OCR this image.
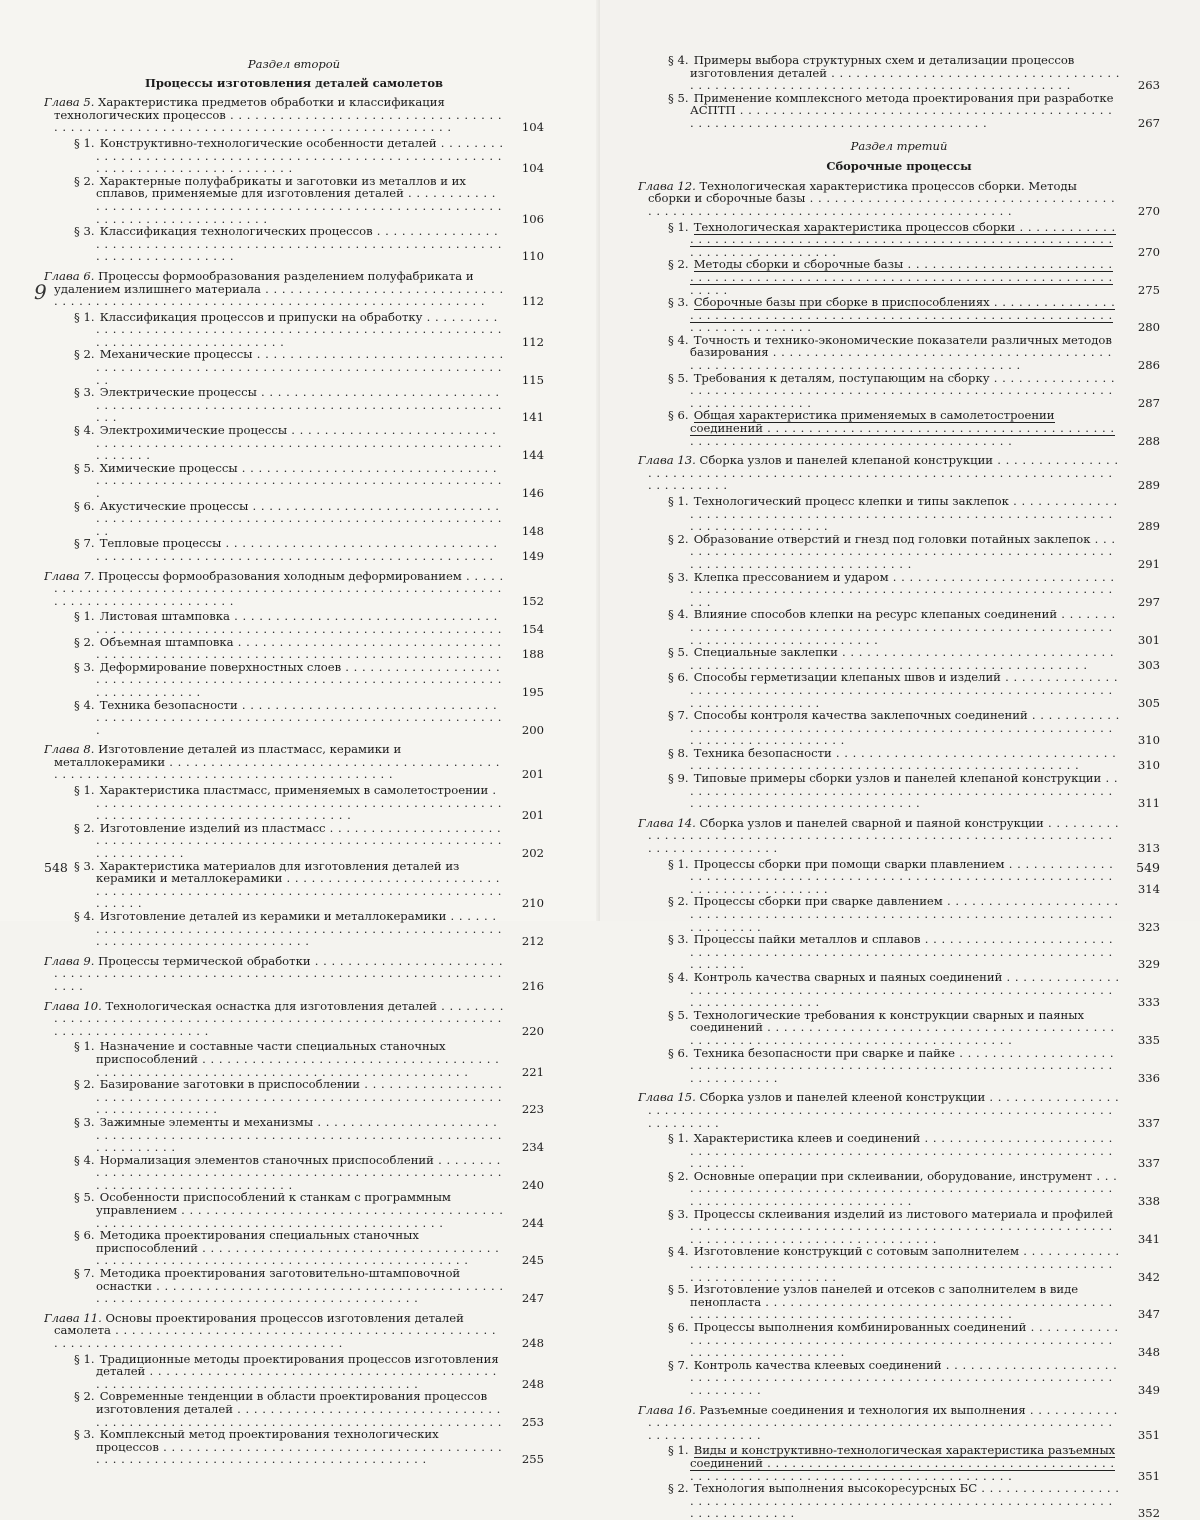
Раздел второй
Процессы изготовления деталей самолетов
Глава 5. Характеристика предметов обработки и классификация технологических процессов . . .
104
§ 1. Конструктивно-технологические особенности деталей . . .
104
§ 2. Характерные полуфабрикаты и заготовки из металлов и их сплавов, применяемые для изготовления деталей . . .
106
§ 3. Классификация технологических процессов . . .
110
Глава 6. Процессы формообразования разделением полуфабриката и удалением излишнего материала . . .
112
§ 1. Классификация процессов и припуски на обработку . . .
112
§ 2. Механические процессы . . .
115
§ 3. Электрические процессы . . .
141
§ 4. Электрохимические процессы . . .
144
§ 5. Химические процессы . . .
146
§ 6. Акустические процессы . . .
148
§ 7. Тепловые процессы . . .
149
Глава 7. Процессы формообразования холодным деформированием . . .
152
§ 1. Листовая штамповка . . .
154
§ 2. Объемная штамповка . . .
188
§ 3. Деформирование поверхностных слоев . . .
195
§ 4. Техника безопасности . . .
200
Глава 8. Изготовление деталей из пластмасс, керамики и металлокерамики . . .
201
§ 1. Характеристика пластмасс, применяемых в самолетостроении . . .
201
§ 2. Изготовление изделий из пластмасс . . .
202
§ 3. Характеристика материалов для изготовления деталей из керамики и металлокерамики . . .
210
§ 4. Изготовление деталей из керамики и металлокерамики . . .
212
Глава 9. Процессы термической обработки . . .
216
Глава 10. Технологическая оснастка для изготовления деталей . . .
220
§ 1. Назначение и составные части специальных станочных приспособлений . . .
221
§ 2. Базирование заготовки в приспособлении . . .
223
§ 3. Зажимные элементы и механизмы . . .
234
§ 4. Нормализация элементов станочных приспособлений . . .
240
§ 5. Особенности приспособлений к станкам с программным управлением . . .
244
§ 6. Методика проектирования специальных станочных приспособлений . . .
245
§ 7. Методика проектирования заготовительно-штамповочной оснастки . . .
247
Глава 11. Основы проектирования процессов изготовления деталей самолета . . .
248
§ 1. Традиционные методы проектирования процессов изготовления деталей . . .
248
§ 2. Современные тенденции в области проектирования процессов изготовления деталей . . .
253
§ 3. Комплексный метод проектирования технологических процессов . . .
255
9
548
§ 4. Примеры выбора структурных схем и детализации процессов изготовления деталей . . .
263
§ 5. Применение комплексного метода проектирования при разработке АСПТП . . .
267
Раздел третий
Сборочные процессы
Глава 12. Технологическая характеристика процессов сборки. Методы сборки и сборочные базы . . .
270
§ 1. Технологическая характеристика процессов сборки . . .
270
§ 2. Методы сборки и сборочные базы . . .
275
§ 3. Сборочные базы при сборке в приспособлениях . . .
280
§ 4. Точность и технико-экономические показатели различных методов базирования . . .
286
§ 5. Требования к деталям, поступающим на сборку . . .
287
§ 6. Общая характеристика применяемых в самолетостроении соединений . . .
288
Глава 13. Сборка узлов и панелей клепаной конструкции . . .
289
§ 1. Технологический процесс клепки и типы заклепок . . .
289
§ 2. Образование отверстий и гнезд под головки потайных заклепок . . .
291
§ 3. Клепка прессованием и ударом . . .
297
§ 4. Влияние способов клепки на ресурс клепаных соединений . . .
301
§ 5. Специальные заклепки . . .
303
§ 6. Способы герметизации клепаных швов и изделий . . .
305
§ 7. Способы контроля качества заклепочных соединений . . .
310
§ 8. Техника безопасности . . .
310
§ 9. Типовые примеры сборки узлов и панелей клепаной конструкции . . .
311
Глава 14. Сборка узлов и панелей сварной и паяной конструкции . . .
313
§ 1. Процессы сборки при помощи сварки плавлением . . .
314
§ 2. Процессы сборки при сварке давлением . . .
323
§ 3. Процессы пайки металлов и сплавов . . .
329
§ 4. Контроль качества сварных и паяных соединений . . .
333
§ 5. Технологические требования к конструкции сварных и паяных соединений . . .
335
§ 6. Техника безопасности при сварке и пайке . . .
336
Глава 15. Сборка узлов и панелей клееной конструкции . . .
337
§ 1. Характеристика клеев и соединений . . .
337
§ 2. Основные операции при склеивании, оборудование, инструмент . . .
338
§ 3. Процессы склеивания изделий из листового материала и профилей . . .
341
§ 4. Изготовление конструкций с сотовым заполнителем . . .
342
§ 5. Изготовление узлов панелей и отсеков с заполнителем в виде пенопласта . . .
347
§ 6. Процессы выполнения комбинированных соединений . . .
348
§ 7. Контроль качества клеевых соединений . . .
349
Глава 16. Разъемные соединения и технология их выполнения . . .
351
§ 1. Виды и конструктивно-технологическая характеристика разъемных соединений . . .
351
§ 2. Технология выполнения высокоресурсных БС . . .
352
549
